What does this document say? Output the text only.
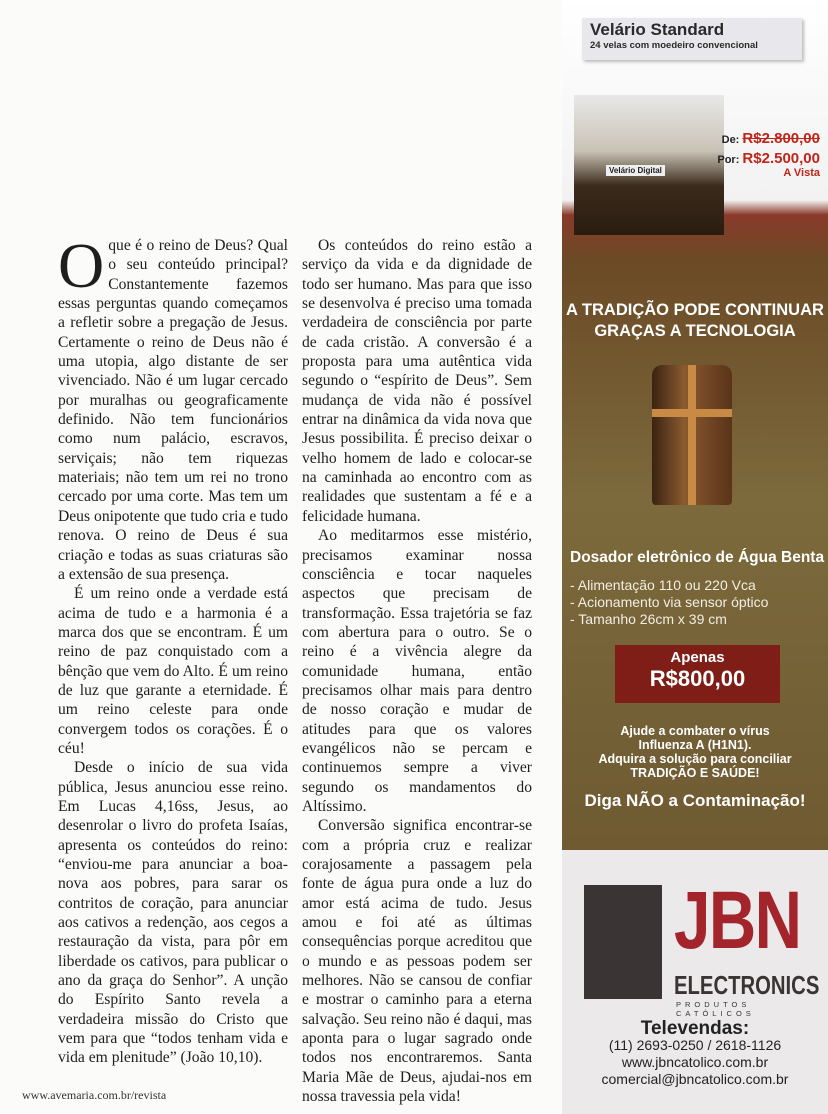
Oque é o reino de Deus? Qual o seu conteúdo principal? Constantemente fazemos essas perguntas quando começamos a refletir sobre a pregação de Jesus. Certamente o reino de Deus não é uma utopia, algo distante de ser vivenciado. Não é um lugar cercado por muralhas ou geograficamente definido. Não tem funcionários como num palácio, escravos, serviçais; não tem riquezas materiais; não tem um rei no trono cercado por uma corte. Mas tem um Deus onipotente que tudo cria e tudo renova. O reino de Deus é sua criação e todas as suas criaturas são a extensão de sua presença.

É um reino onde a verdade está acima de tudo e a harmonia é a marca dos que se encontram. É um reino de paz conquistado com a bênção que vem do Alto. É um reino de luz que garante a eternidade. É um reino celeste para onde convergem todos os corações. É o céu!

Desde o início de sua vida pública, Jesus anunciou esse reino. Em Lucas 4,16ss, Jesus, ao desenrolar o livro do profeta Isaías, apresenta os conteúdos do reino: “enviou-me para anunciar a boa-nova aos pobres, para sarar os contritos de coração, para anunciar aos cativos a redenção, aos cegos a restauração da vista, para pôr em liberdade os cativos, para publicar o ano da graça do Senhor”. A unção do Espírito Santo revela a verdadeira missão do Cristo que vem para que “todos tenham vida e vida em plenitude” (João 10,10).

Os conteúdos do reino estão a serviço da vida e da dignidade de todo ser humano. Mas para que isso se desenvolva é preciso uma tomada verdadeira de consciência por parte de cada cristão. A conversão é a proposta para uma autêntica vida segundo o “espírito de Deus”. Sem mudança de vida não é possível entrar na dinâmica da vida nova que Jesus possibilita. É preciso deixar o velho homem de lado e colocar-se na caminhada ao encontro com as realidades que sustentam a fé e a felicidade humana.

Ao meditarmos esse mistério, precisamos examinar nossa consciência e tocar naqueles aspectos que precisam de transformação. Essa trajetória se faz com abertura para o outro. Se o reino é a vivência alegre da comunidade humana, então precisamos olhar mais para dentro de nosso coração e mudar de atitudes para que os valores evangélicos não se percam e continuemos sempre a viver segundo os mandamentos do Altíssimo.

Conversão significa encontrar-se com a própria cruz e realizar corajosamente a passagem pela fonte de água pura onde a luz do amor está acima de tudo. Jesus amou e foi até as últimas consequências porque acreditou que o mundo e as pessoas podem ser melhores. Não se cansou de confiar e mostrar o caminho para a eterna salvação. Seu reino não é daqui, mas aponta para o lugar sagrado onde todos nos encontraremos. Santa Maria Mãe de Deus, ajudai-nos em nossa travessia pela vida!

www.avemaria.com.br/revista
Velário Standard
24 velas com moedeiro convencional
Velário Digital
De: R$2.800,00
Por: R$2.500,00
A Vista
A TRADIÇÃO PODE CONTINUAR
GRAÇAS A TECNOLOGIA
Dosador eletrônico de Água Benta
- Alimentação 110 ou 220 Vca
- Acionamento via sensor óptico
- Tamanho 26cm x 39 cm
Apenas
R$800,00
Ajude a combater o vírus
Influenza A (H1N1).
Adquira a solução para conciliar
TRADIÇÃO E SAÚDE!
Diga NÃO a Contaminação!
JBN
ELECTRONICS
PRODUTOS CATÓLICOS
Televendas:
(11) 2693-0250 / 2618-1126
www.jbncatolico.com.br
comercial@jbncatolico.com.br
